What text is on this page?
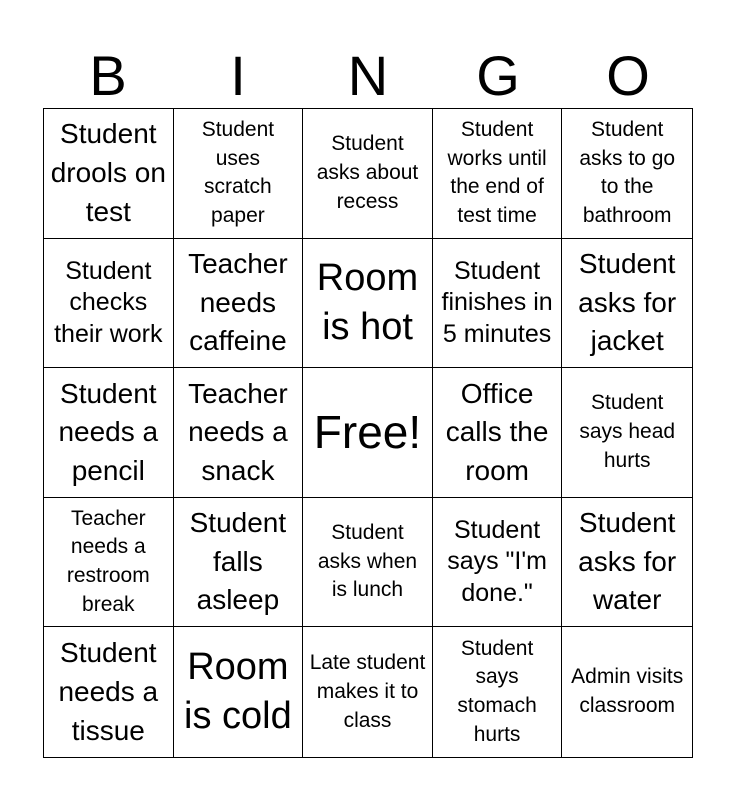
B	I	N	G	O
Student drools on test
Student uses scratch paper
Student asks about recess
Student works until the end of test time
Student asks to go to the bathroom
Student checks their work
Teacher needs caffeine
Room is hot
Student finishes in 5 minutes
Student asks for jacket
Student needs a pencil
Teacher needs a snack
Free!
Office calls the room
Student says head hurts
Teacher needs a restroom break
Student falls asleep
Student asks when is lunch
Student says "I'm done."
Student asks for water
Student needs a tissue
Room is cold
Late student makes it to class
Student says stomach hurts
Admin visits classroom
